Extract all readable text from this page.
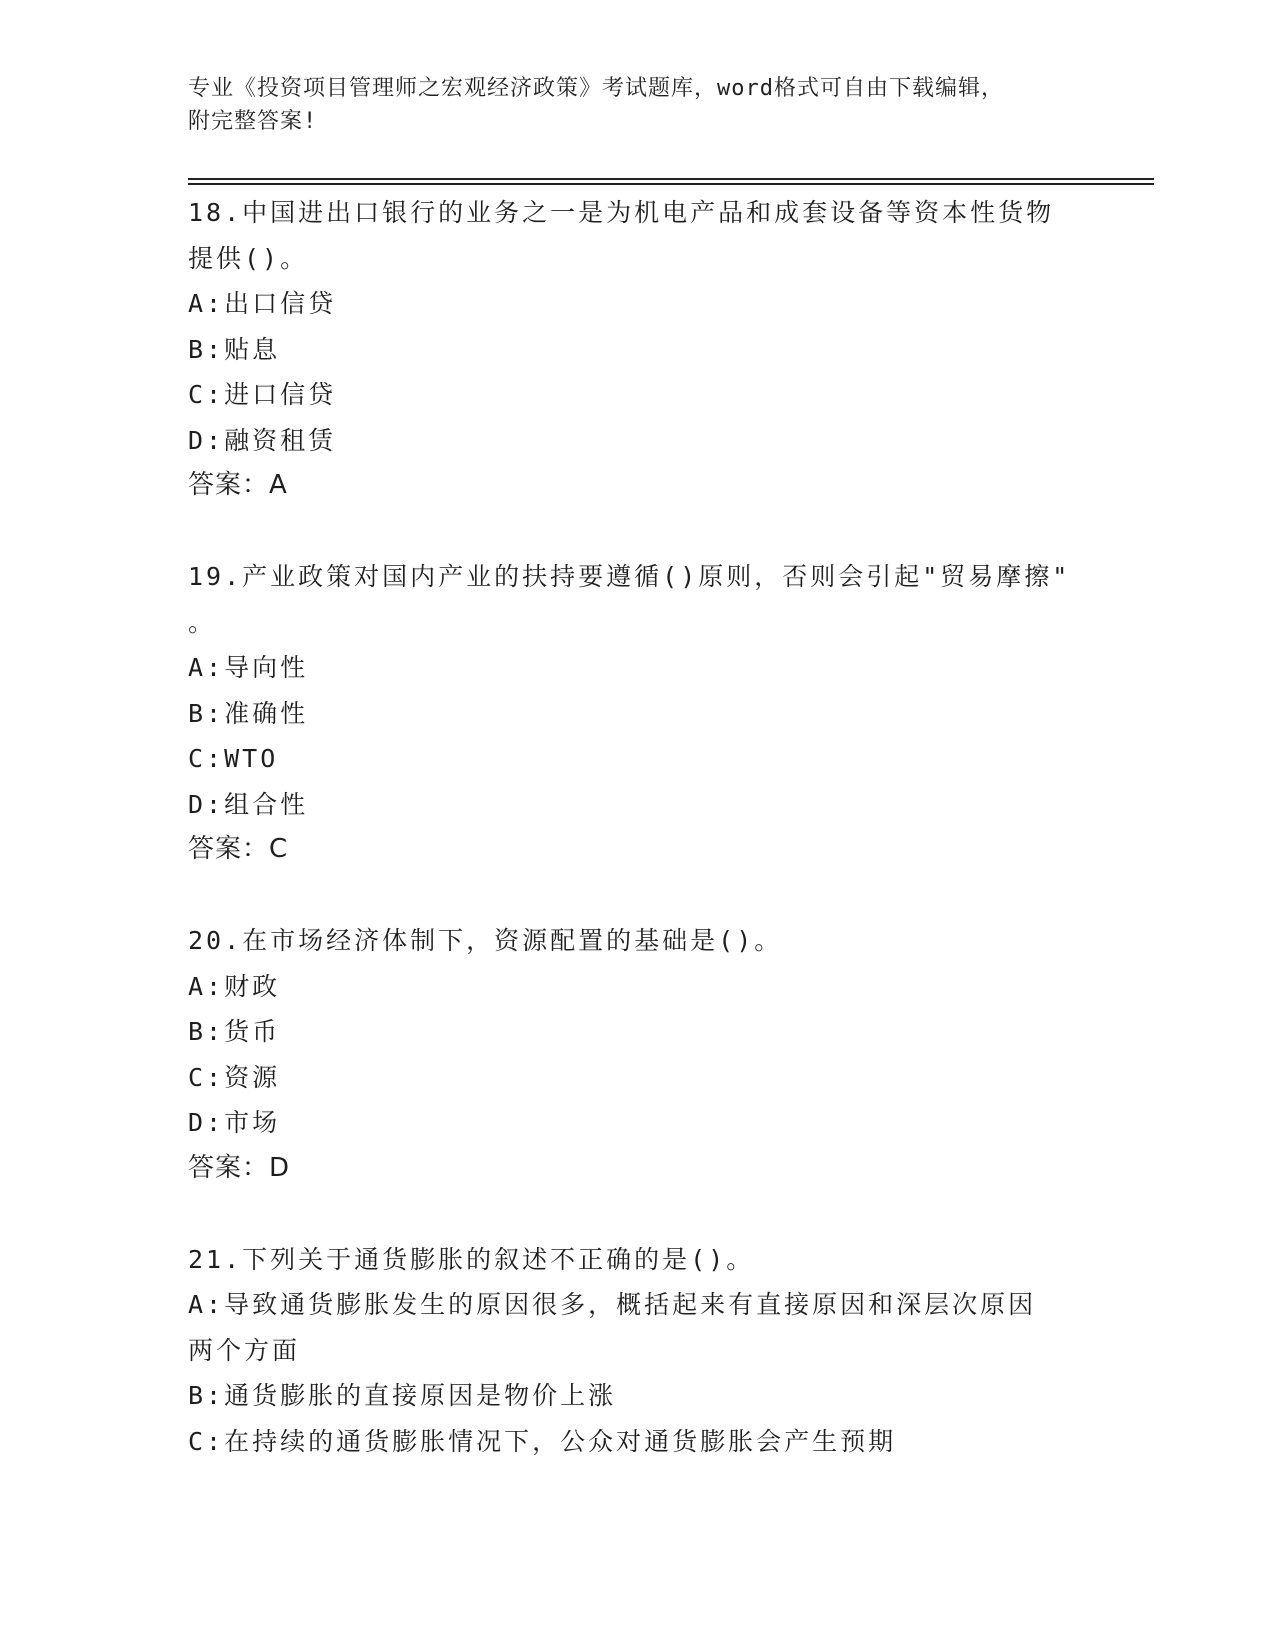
专业《投资项目管理师之宏观经济政策》考试题库，word格式可自由下载编辑，
附完整答案!
18.中国进出口银行的业务之一是为机电产品和成套设备等资本性货物
提供()。
A:出口信贷
B:贴息
C:进口信贷
D:融资租赁
答案：A
19.产业政策对国内产业的扶持要遵循()原则，否则会引起"贸易摩擦"
。
A:导向性
B:准确性
C:WTO
D:组合性
答案：C
20.在市场经济体制下，资源配置的基础是()。
A:财政
B:货币
C:资源
D:市场
答案：D
21.下列关于通货膨胀的叙述不正确的是()。
A:导致通货膨胀发生的原因很多，概括起来有直接原因和深层次原因
两个方面
B:通货膨胀的直接原因是物价上涨
C:在持续的通货膨胀情况下，公众对通货膨胀会产生预期
